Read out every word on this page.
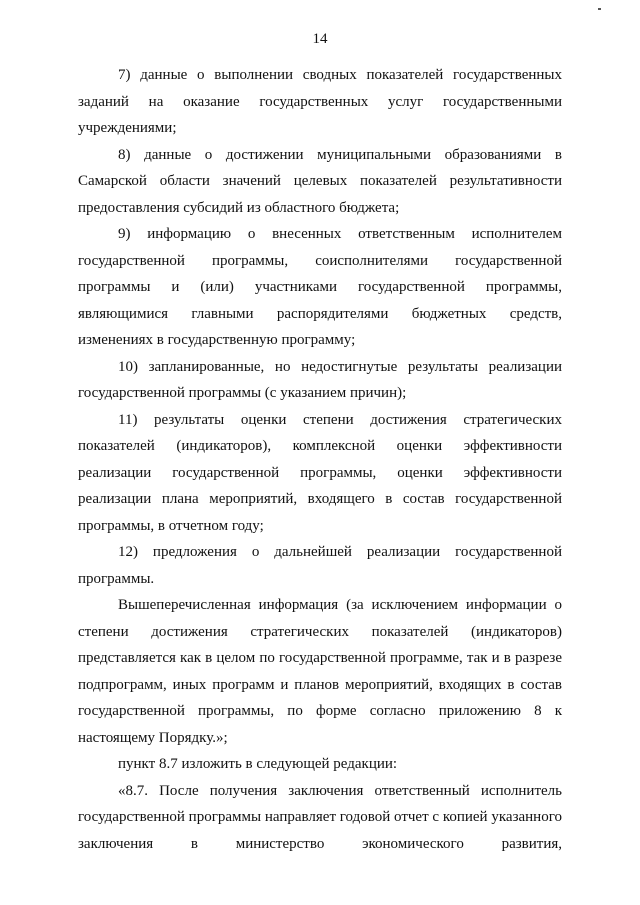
14

7) данные о выполнении сводных показателей государственных заданий на оказание государственных услуг государственными учреждениями;

8) данные о достижении муниципальными образованиями в Самарской области значений целевых показателей результативности предоставления субсидий из областного бюджета;

9) информацию о внесенных ответственным исполнителем государственной программы, соисполнителями государственной программы и (или) участниками государственной программы, являющимися главными распорядителями бюджетных средств, изменениях в государственную программу;

10) запланированные, но недостигнутые результаты реализации государственной программы (с указанием причин);

11) результаты оценки степени достижения стратегических показателей (индикаторов), комплексной оценки эффективности реализации государственной программы, оценки эффективности реализации плана мероприятий, входящего в состав государственной программы, в отчетном году;

12) предложения о дальнейшей реализации государственной программы.

Вышеперечисленная информация (за исключением информации о степени достижения стратегических показателей (индикаторов) представляется как в целом по государственной программе, так и в разрезе подпрограмм, иных программ и планов мероприятий, входящих в состав государственной программы, по форме согласно приложению 8 к настоящему Порядку.»;

пункт 8.7 изложить в следующей редакции:

«8.7. После получения заключения ответственный исполнитель государственной программы направляет годовой отчет с копией указанного заключения в министерство экономического развития,
